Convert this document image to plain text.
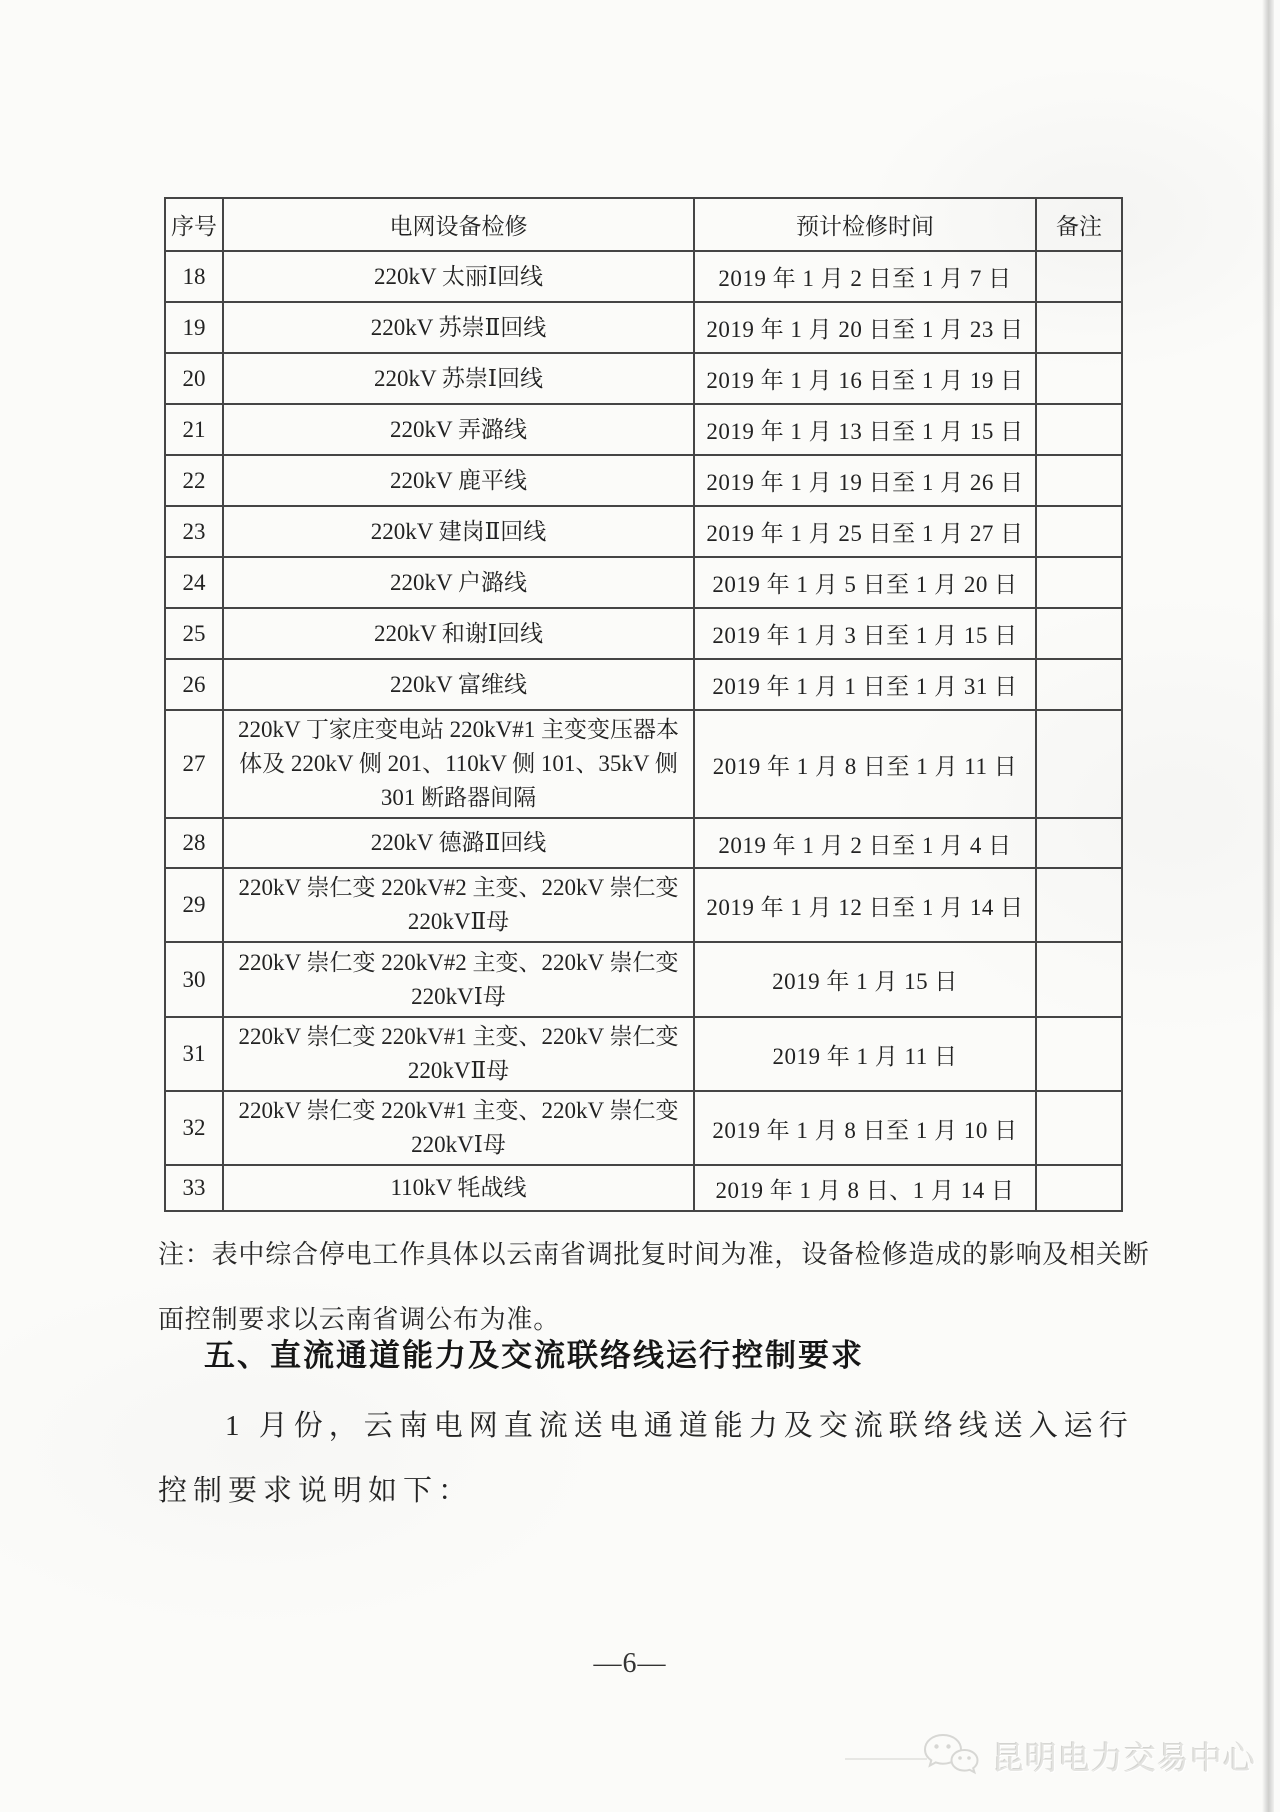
序号	电网设备检修	预计检修时间	备注
18	220kV 太丽Ⅰ回线	2019 年 1 月 2 日至 1 月 7 日	
19	220kV 苏崇Ⅱ回线	2019 年 1 月 20 日至 1 月 23 日	
20	220kV 苏崇Ⅰ回线	2019 年 1 月 16 日至 1 月 19 日	
21	220kV 弄潞线	2019 年 1 月 13 日至 1 月 15 日	
22	220kV 鹿平线	2019 年 1 月 19 日至 1 月 26 日	
23	220kV 建岗Ⅱ回线	2019 年 1 月 25 日至 1 月 27 日	
24	220kV 户潞线	2019 年 1 月 5 日至 1 月 20 日	
25	220kV 和谢Ⅰ回线	2019 年 1 月 3 日至 1 月 15 日	
26	220kV 富维线	2019 年 1 月 1 日至 1 月 31 日	
27	220kV 丁家庄变电站 220kV#1 主变变压器本体及 220kV 侧 201、110kV 侧 101、35kV 侧 301 断路器间隔	2019 年 1 月 8 日至 1 月 11 日	
28	220kV 德潞Ⅱ回线	2019 年 1 月 2 日至 1 月 4 日	
29	220kV 崇仁变 220kV#2 主变、220kV 崇仁变 220kVⅡ母	2019 年 1 月 12 日至 1 月 14 日	
30	220kV 崇仁变 220kV#2 主变、220kV 崇仁变 220kVⅠ母	2019 年 1 月 15 日	
31	220kV 崇仁变 220kV#1 主变、220kV 崇仁变 220kVⅡ母	2019 年 1 月 11 日	
32	220kV 崇仁变 220kV#1 主变、220kV 崇仁变 220kVⅠ母	2019 年 1 月 8 日至 1 月 10 日	
33	110kV 牦战线	2019 年 1 月 8 日、1 月 14 日	
注：表中综合停电工作具体以云南省调批复时间为准，设备检修造成的影响及相关断
面控制要求以云南省调公布为准。
五、直流通道能力及交流联络线运行控制要求
1 月份，云南电网直流送电通道能力及交流联络线送入运行
控制要求说明如下：
—6—
昆明电力交易中心
